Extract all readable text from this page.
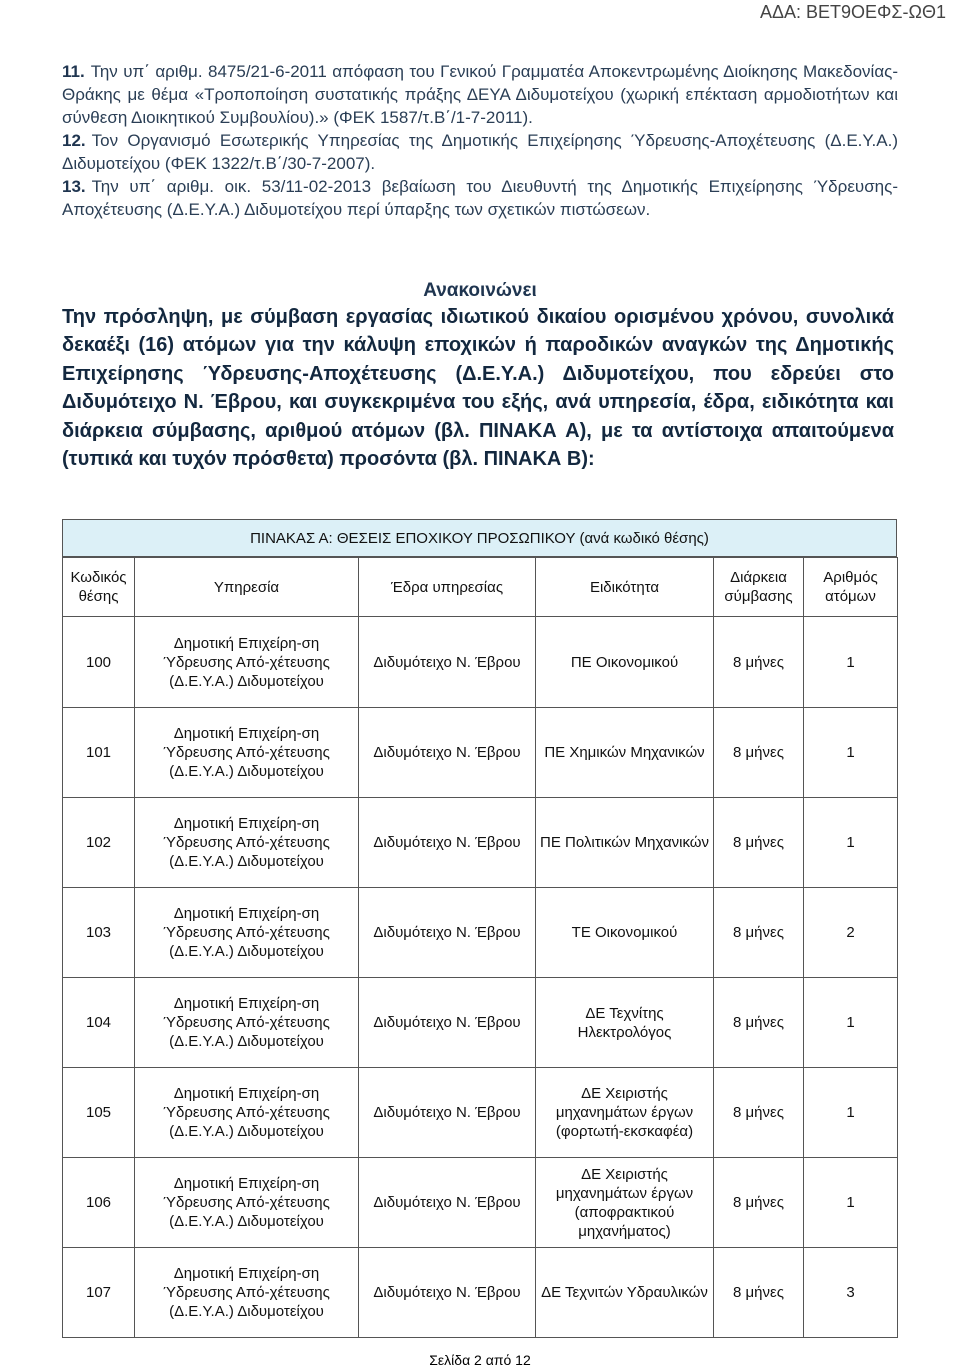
ΑΔΑ: ΒΕΤ9ΟΕΦΣ-ΩΘ1

11. Την υπ΄ αριθμ. 8475/21-6-2011 απόφαση του Γενικού Γραμματέα Αποκεντρωμένης Διοίκησης Μακεδονίας-Θράκης με θέμα «Τροποποίηση συστατικής πράξης ΔΕΥΑ Διδυμοτείχου (χωρική επέκταση αρμοδιοτήτων και σύνθεση Διοικητικού Συμβουλίου).» (ΦΕΚ 1587/τ.Β΄/1-7-2011).

12. Τον Οργανισμό Εσωτερικής Υπηρεσίας της Δημοτικής Επιχείρησης Ύδρευσης-Αποχέτευσης (Δ.Ε.Υ.Α.) Διδυμοτείχου (ΦΕΚ 1322/τ.Β΄/30-7-2007).

13. Την υπ΄ αριθμ. οικ. 53/11-02-2013 βεβαίωση του Διευθυντή της Δημοτικής Επιχείρησης Ύδρευσης-Αποχέτευσης (Δ.Ε.Υ.Α.) Διδυμοτείχου περί ύπαρξης των σχετικών πιστώσεων.

Ανακοινώνει
Την πρόσληψη, με σύμβαση εργασίας ιδιωτικού δικαίου ορισμένου χρόνου, συνολικά δεκαέξι (16) ατόμων για την κάλυψη εποχικών ή παροδικών αναγκών της Δημοτικής Επιχείρησης Ύδρευσης-Αποχέτευσης (Δ.Ε.Υ.Α.) Διδυμοτείχου, που εδρεύει στο Διδυμότειχο Ν. Έβρου, και συγκεκριμένα του εξής, ανά υπηρεσία, έδρα, ειδικότητα και διάρκεια σύμβασης, αριθμού ατόμων (βλ. ΠΙΝΑΚΑ Α), με τα αντίστοιχα απαιτούμενα (τυπικά και τυχόν πρόσθετα) προσόντα (βλ. ΠΙΝΑΚΑ Β):
ΠΙΝΑΚΑΣ Α: ΘΕΣΕΙΣ ΕΠΟΧΙΚΟΥ ΠΡΟΣΩΠΙΚΟΥ (ανά κωδικό θέσης)
Κωδικός θέσης	Υπηρεσία	Έδρα υπηρεσίας	Ειδικότητα	Διάρκεια σύμβασης	Αριθμός ατόμων
100	Δημοτική Επιχείρη-ση Ύδρευσης Από-χέτευσης (Δ.Ε.Υ.Α.) Διδυμοτείχου	Διδυμότειχο Ν. Έβρου	ΠΕ Οικονομικού	8 μήνες	1
101	Δημοτική Επιχείρη-ση Ύδρευσης Από-χέτευσης (Δ.Ε.Υ.Α.) Διδυμοτείχου	Διδυμότειχο Ν. Έβρου	ΠΕ Χημικών Μηχανικών	8 μήνες	1
102	Δημοτική Επιχείρη-ση Ύδρευσης Από-χέτευσης (Δ.Ε.Υ.Α.) Διδυμοτείχου	Διδυμότειχο Ν. Έβρου	ΠΕ Πολιτικών Μηχανικών	8 μήνες	1
103	Δημοτική Επιχείρη-ση Ύδρευσης Από-χέτευσης (Δ.Ε.Υ.Α.) Διδυμοτείχου	Διδυμότειχο Ν. Έβρου	ΤΕ Οικονομικού	8 μήνες	2
104	Δημοτική Επιχείρη-ση Ύδρευσης Από-χέτευσης (Δ.Ε.Υ.Α.) Διδυμοτείχου	Διδυμότειχο Ν. Έβρου	ΔΕ Τεχνίτης Ηλεκτρολόγος	8 μήνες	1
105	Δημοτική Επιχείρη-ση Ύδρευσης Από-χέτευσης (Δ.Ε.Υ.Α.) Διδυμοτείχου	Διδυμότειχο Ν. Έβρου	ΔΕ Χειριστής μηχανημάτων έργων (φορτωτή-εκσκαφέα)	8 μήνες	1
106	Δημοτική Επιχείρη-ση Ύδρευσης Από-χέτευσης (Δ.Ε.Υ.Α.) Διδυμοτείχου	Διδυμότειχο Ν. Έβρου	ΔΕ Χειριστής μηχανημάτων έργων (αποφρακτικού μηχανήματος)	8 μήνες	1
107	Δημοτική Επιχείρη-ση Ύδρευσης Από-χέτευσης (Δ.Ε.Υ.Α.) Διδυμοτείχου	Διδυμότειχο Ν. Έβρου	ΔΕ Τεχνιτών Υδραυλικών	8 μήνες	3
Σελίδα 2 από 12
